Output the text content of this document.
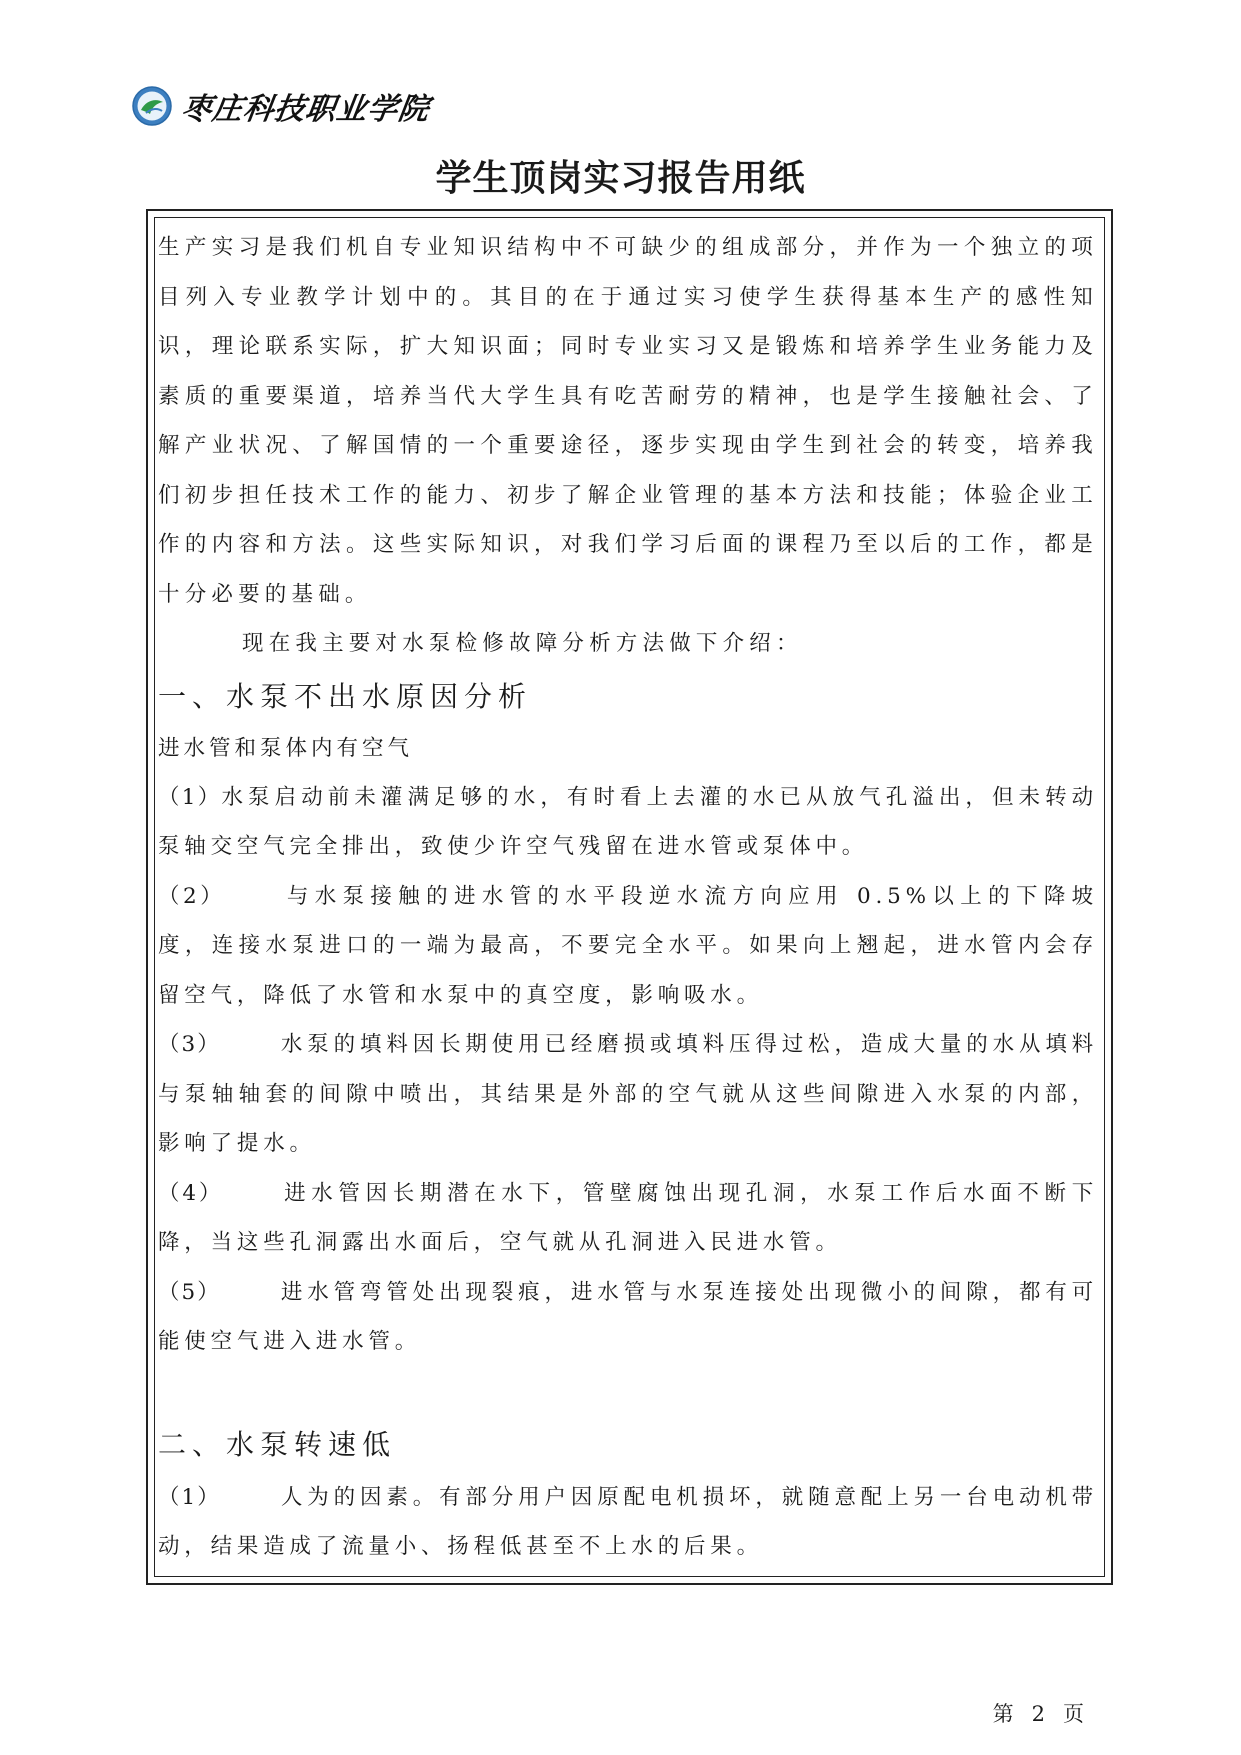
枣庄科技职业学院
学生顶岗实习报告用纸

生产实习是我们机自专业知识结构中不可缺少的组成部分，并作为一个独立的项目列入专业教学计划中的。其目的在于通过实习使学生获得基本生产的感性知识，理论联系实际，扩大知识面；同时专业实习又是锻炼和培养学生业务能力及素质的重要渠道，培养当代大学生具有吃苦耐劳的精神，也是学生接触社会、了解产业状况、了解国情的一个重要途径，逐步实现由学生到社会的转变，培养我们初步担任技术工作的能力、初步了解企业管理的基本方法和技能；体验企业工作的内容和方法。这些实际知识，对我们学习后面的课程乃至以后的工作，都是十分必要的基础。

现在我主要对水泵检修故障分析方法做下介绍：

一、水泵不出水原因分析

进水管和泵体内有空气

（1）水泵启动前未灌满足够的水，有时看上去灌的水已从放气孔溢出，但未转动泵轴交空气完全排出，致使少许空气残留在进水管或泵体中。

（2）	与水泵接触的进水管的水平段逆水流方向应用 0.5%以上的下降坡度，连接水泵进口的一端为最高，不要完全水平。如果向上翘起，进水管内会存留空气，降低了水管和水泵中的真空度，影响吸水。

（3）	水泵的填料因长期使用已经磨损或填料压得过松，造成大量的水从填料与泵轴轴套的间隙中喷出，其结果是外部的空气就从这些间隙进入水泵的内部，影响了提水。

（4）	进水管因长期潜在水下，管壁腐蚀出现孔洞，水泵工作后水面不断下降，当这些孔洞露出水面后，空气就从孔洞进入民进水管。

（5）	进水管弯管处出现裂痕，进水管与水泵连接处出现微小的间隙，都有可能使空气进入进水管。

二、水泵转速低

（1）	人为的因素。有部分用户因原配电机损坏，就随意配上另一台电动机带动，结果造成了流量小、扬程低甚至不上水的后果。

第 2 页
